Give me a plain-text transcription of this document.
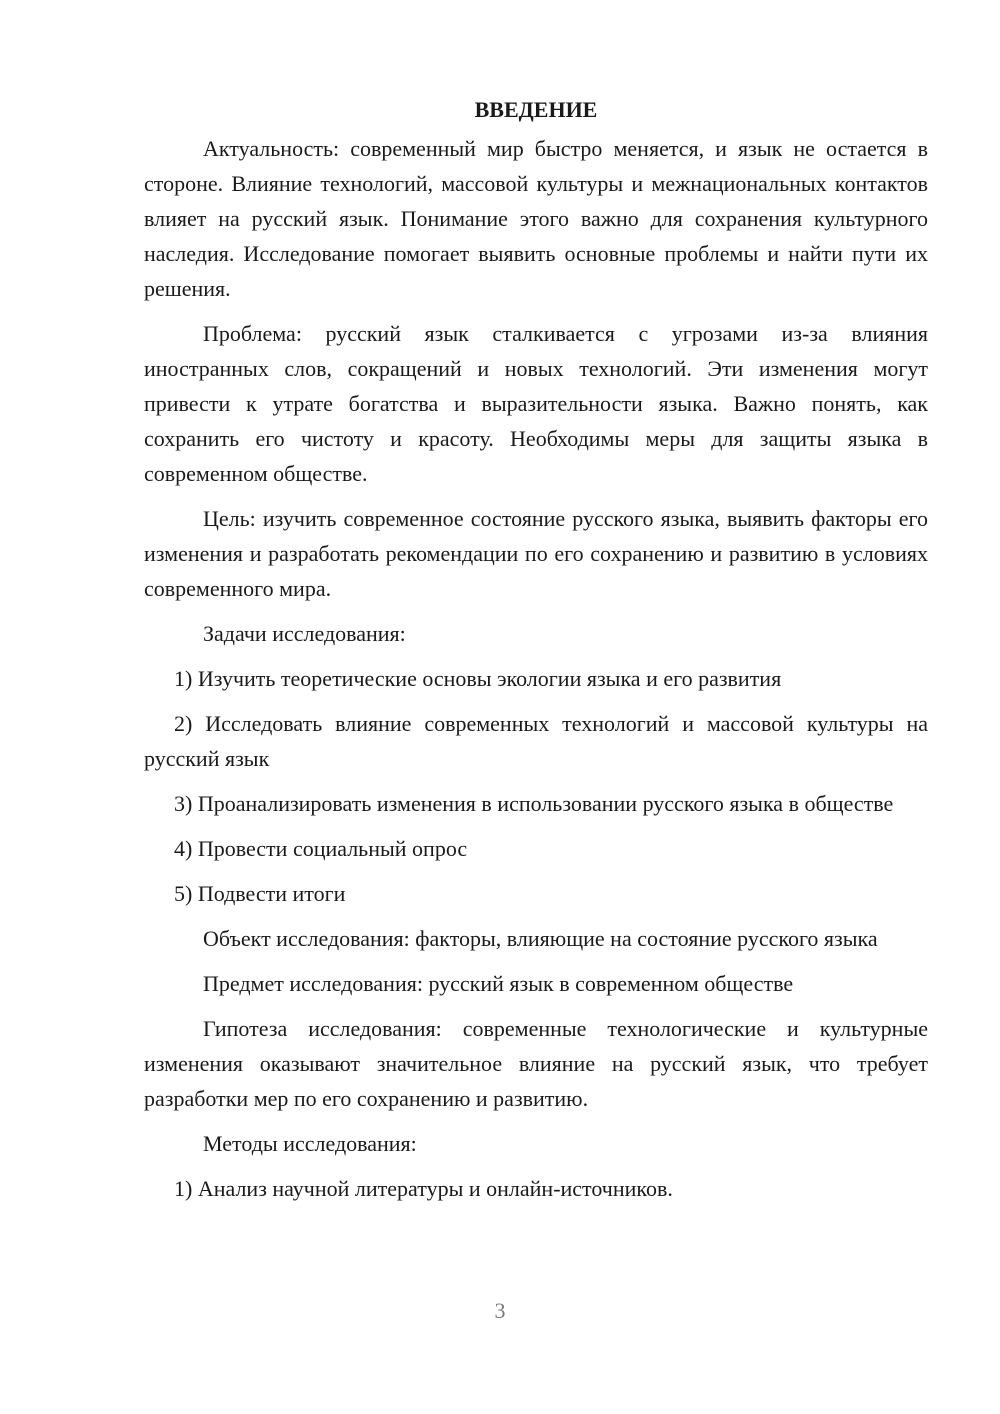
ВВЕДЕНИЕ

Актуальность: современный мир быстро меняется, и язык не остается в стороне. Влияние технологий, массовой культуры и межнациональных контактов влияет на русский язык. Понимание этого важно для сохранения культурного наследия. Исследование помогает выявить основные проблемы и найти пути их решения.

Проблема: русский язык сталкивается с угрозами из-за влияния иностранных слов, сокращений и новых технологий. Эти изменения могут привести к утрате богатства и выразительности языка. Важно понять, как сохранить его чистоту и красоту. Необходимы меры для защиты языка в современном обществе.

Цель: изучить современное состояние русского языка, выявить факторы его изменения и разработать рекомендации по его сохранению и развитию в условиях современного мира.

Задачи исследования:

1) Изучить теоретические основы экологии языка и его развития

2) Исследовать влияние современных технологий и массовой культуры на русский язык

3) Проанализировать изменения в использовании русского языка в обществе

4) Провести социальный опрос

5) Подвести итоги

Объект исследования: факторы, влияющие на состояние русского языка

Предмет исследования: русский язык в современном обществе

Гипотеза исследования: современные технологические и культурные изменения оказывают значительное влияние на русский язык, что требует разработки мер по его сохранению и развитию.

Методы исследования:

1) Анализ научной литературы и онлайн-источников.

3
